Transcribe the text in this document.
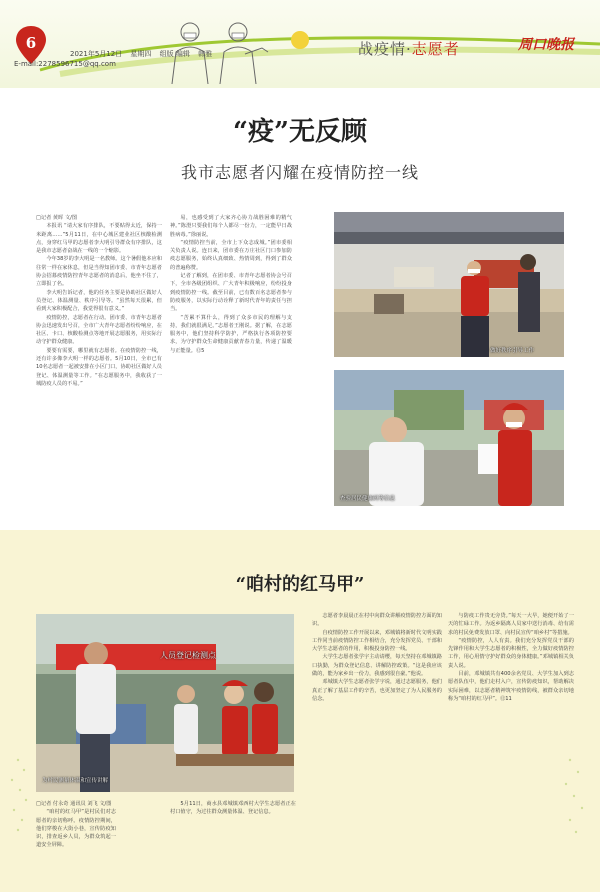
6	战疫情·志愿者	周口晚报
2021年5月12日 星期四 组版 编辑 韩雅
E-mail:2278596715@qq.com
“疫”无反顾
我市志愿者闪耀在疫情防控一线

□记者 黄晖 文/图

本报讯 “请大家有序排队，不要贴得太近，保持一米距离……”5月11日，在中心城区建业社区核酸检测点，身穿红马甲的志愿者李大明引导群众有序排队，这是我市志愿者奋战在一线的一个缩影。

今年38岁的李大明是一名教师。这个暑假他本应和往常一样在家休息，但是当得知团市委、市青年志愿者协会招募疫情防控青年志愿者的消息后，他坐不住了，立即报了名。

李大明告诉记者，他的任务主要是协助社区做好人员登记、体温测量、秩序引导等。“虽然每天很累，但看到大家积极配合，我觉得很有意义。”

疫情防控，志愿者在行动。团市委、市青年志愿者协会迅速发出号召，全市广大青年志愿者纷纷响应，在社区、卡口、核酸检测点等地开展志愿服务，用实际行动守护群众健康。

要要有需要，哪里就有志愿者。在疫情防控一线，还有许多像李大明一样的志愿者。5月10日，全市已有10名志愿者一起被安排在小区门口，协助社区做好人员登记、体温测量等工作。“在志愿服务中，我收获了一城防疫人员的不易。”

易，也感受到了大家齐心协力战胜困难的精气神。”陈澄只要我们每个人都尽一份力，一定能早日战胜病毒。”徐丽说。

“疫情防控当前，全市上下众志成城。”团市委相关负责人说。连日来，团市委在万庄社区门口参加防疫志愿服务，始终认真细致、热情周到，得到了群众的普遍称赞。

记者了解到，在团市委、市青年志愿者协会号召下，全市各级团组织、广大青年积极响应，纷纷投身到疫情防控一线。截至目前，已有数百名志愿者参与防疫服务，以实际行动诠释了新时代青年的责任与担当。

“苦累不算什么，得到了众多市民的理解与支持，我们就很满足。”志愿者王刚说。据了解，在志愿服务中，他们坚持科学防护，严格执行各项防控要求，为守护群众生命健康贡献青春力量，传递了温暖与正能量。⑫5	做好秩序引导工作
查验居民健康码等信息
“咱村的红马甲”
人员登记检测点
为村民测量体温和宣传讲解

□记者 付永奇 通讯员 刘飞 文/图

“咱村的红马甲”是村民们对志愿者的亲切称呼。疫情防控期间，他们穿梭在大街小巷，宣传防疫知识，排查返乡人员，为群众筑起一道安全屏障。

5月11日，商水县邓城镇邓西村大学生志愿者正在村口值守，为过往群众测量体温、登记信息。

志愿者李晨晨正在村中向群众讲解疫情防控方面的知识。

自疫情防控工作开展以来，邓城镇将新时代文明实践工作同当前疫情防控工作相结合，充分发挥党员、干部和大学生志愿者的作用，积极投身防控一线。

大学生志愿者张学宇主动请缨，每天坚持在邓城镇路口执勤，为群众登记信息、讲解防控政策。“这是我应该做的，能为家乡出一份力，我感到很自豪。”他说。

邓城镇大学生志愿者张学宇说，通过志愿服务，他们真正了解了基层工作的辛苦，也更加坚定了为人民服务的信念。

与防疫工作贵无旁贷。”每天一大早，她便开始了一天的忙碌工作。为返乡隔离人员家中送行消毒、给有需求的村民免费发放口罩、向村民宣传“咱乡村”等措施。

“疫情防控，人人有责。我们充分发挥党员干部的先锋作用和大学生志愿者的积极性，全力做好疫情防控工作，用心用情守护好群众的身体健康。”邓城镇相关负责人说。

目前，邓城镇共有400余名党员、大学生加入到志愿者队伍中，他们走村入户，宣传防疫知识，帮助解决实际困难，以志愿者精神筑牢疫情防线，被群众亲切地称为“咱村的红马甲”。⑫11
